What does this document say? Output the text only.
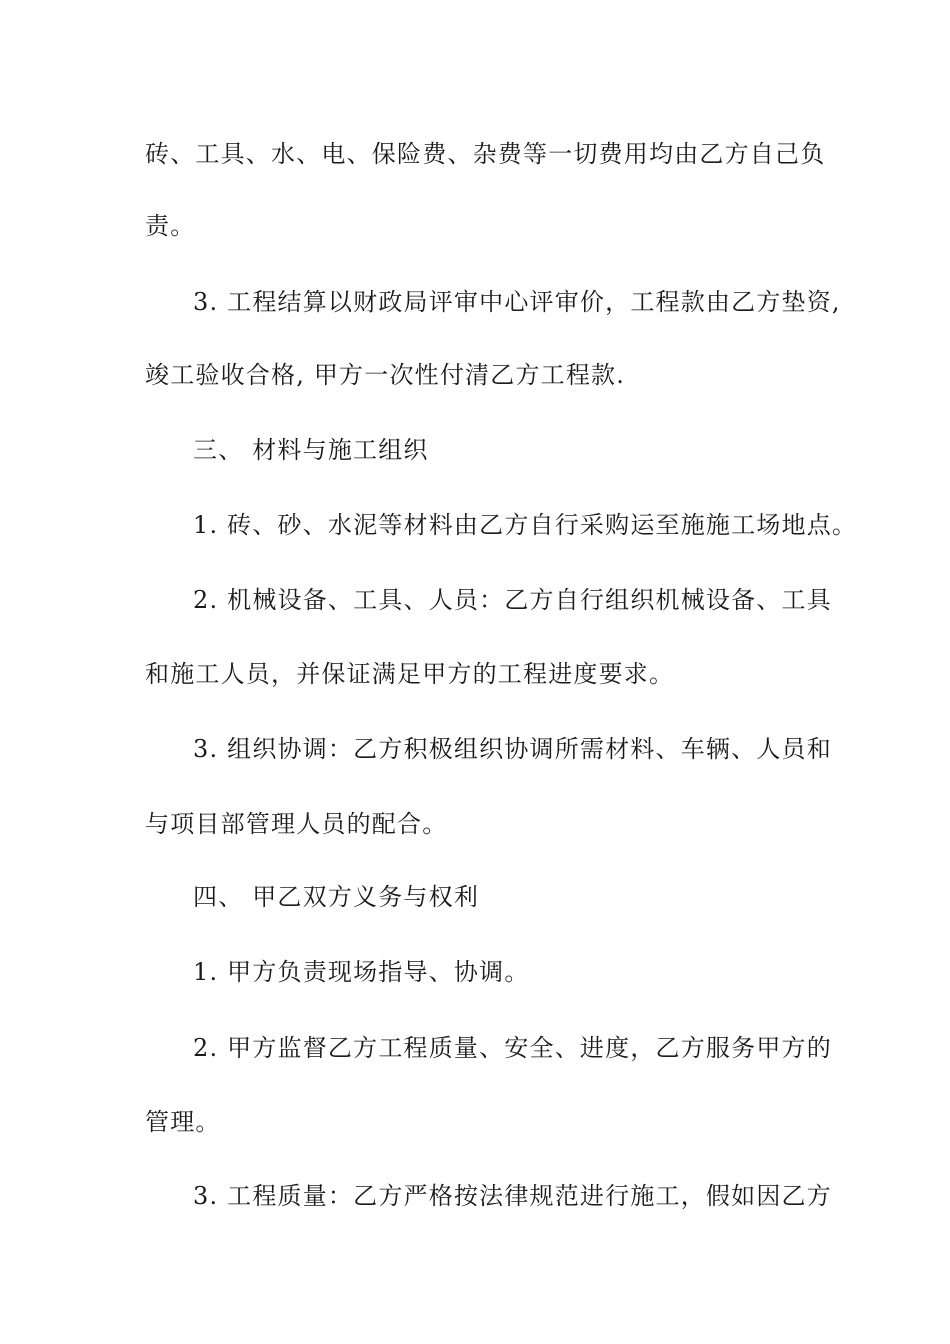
砖、工具、水、电、保险费、杂费等一切费用均由乙方自己负
责。
3. 工程结算以财政局评审中心评审价，工程款由乙方垫资,
竣工验收合格, 甲方一次性付清乙方工程款.
三、 材料与施工组织
1. 砖、砂、水泥等材料由乙方自行采购运至施施工场地点。
2. 机械设备、工具、人员：乙方自行组织机械设备、工具
和施工人员，并保证满足甲方的工程进度要求。
3. 组织协调：乙方积极组织协调所需材料、车辆、人员和
与项目部管理人员的配合。
四、 甲乙双方义务与权利
1. 甲方负责现场指导、协调。
2. 甲方监督乙方工程质量、安全、进度，乙方服务甲方的
管理。
3. 工程质量：乙方严格按法律规范进行施工，假如因乙方
